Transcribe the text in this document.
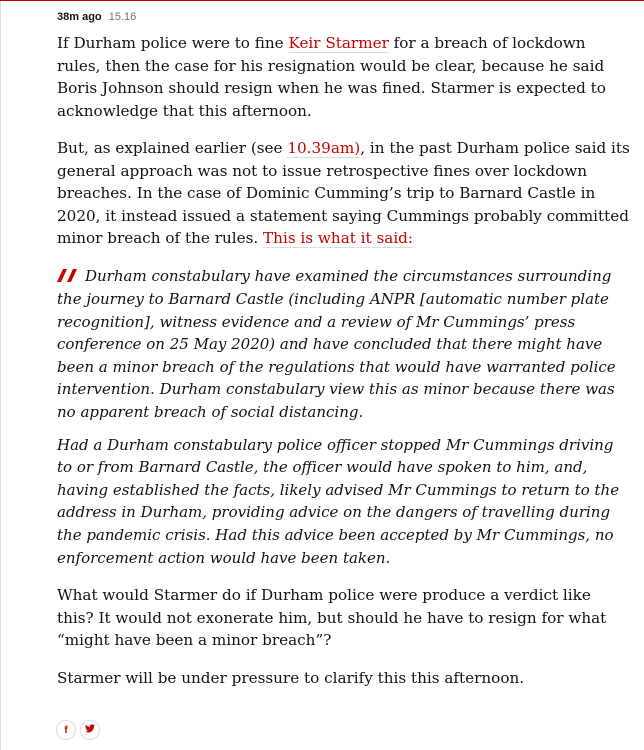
38m ago 15.16

If Durham police were to fine Keir Starmer for a breach of lockdown rules, then the case for his resignation would be clear, because he said Boris Johnson should resign when he was fined. Starmer is expected to acknowledge that this afternoon.

But, as explained earlier (see 10.39am), in the past Durham police said its general approach was not to issue retrospective fines over lockdown breaches. In the case of Dominic Cumming’s trip to Barnard Castle in 2020, it instead issued a statement saying Cummings probably committed minor breach of the rules. This is what it said:

Durham constabulary have examined the circumstances surrounding the journey to Barnard Castle (including ANPR [automatic number plate recognition], witness evidence and a review of Mr Cummings’ press conference on 25 May 2020) and have concluded that there might have been a minor breach of the regulations that would have warranted police intervention. Durham constabulary view this as minor because there was no apparent breach of social distancing.

Had a Durham constabulary police officer stopped Mr Cummings driving to or from Barnard Castle, the officer would have spoken to him, and, having established the facts, likely advised Mr Cummings to return to the address in Durham, providing advice on the dangers of travelling during the pandemic crisis. Had this advice been accepted by Mr Cummings, no enforcement action would have been taken.

What would Starmer do if Durham police were produce a verdict like this? It would not exonerate him, but should he have to resign for what “might have been a minor breach”?

Starmer will be under pressure to clarify this this afternoon.

f
